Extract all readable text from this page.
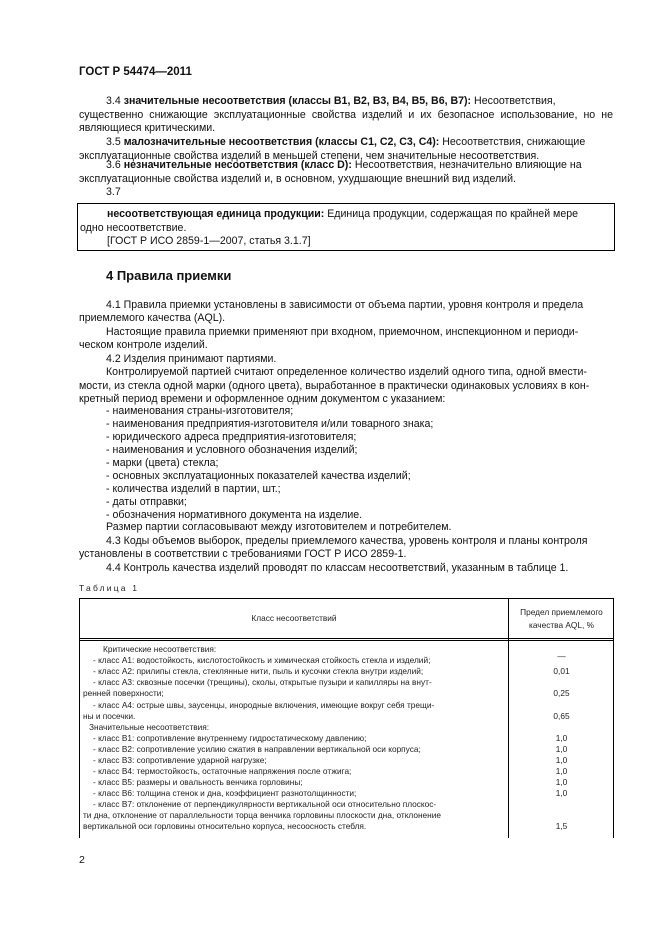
ГОСТ Р 54474—2011
3.4 значительные несоответствия (классы В1, В2, В3, В4, В5, В6, В7): Несоответствия,
существенно снижающие эксплуатационные свойства изделий и их безопасное использование, но не являющиеся критическими.
3.5 малозначительные несоответствия (классы С1, С2, С3, С4): Несоответствия, снижающие
эксплуатационные свойства изделий в меньшей степени, чем значительные несоответствия.
3.6 незначительные несоответствия (класс D): Несоответствия, незначительно влияющие на
эксплуатационные свойства изделий и, в основном, ухудшающие внешний вид изделий.
3.7
несоответствующая единица продукции: Единица продукции, содержащая по крайней мере
одно несоответствие.
[ГОСТ Р ИСО 2859-1—2007, статья 3.1.7]
4 Правила приемки
4.1 Правила приемки установлены в зависимости от объема партии, уровня контроля и предела
приемлемого качества (AQL).
Настоящие правила приемки применяют при входном, приемочном, инспекционном и периоди-
ческом контроле изделий.
4.2 Изделия принимают партиями.
Контролируемой партией считают определенное количество изделий одного типа, одной вмести-
мости, из стекла одной марки (одного цвета), выработанное в практически одинаковых условиях в кон-
кретный период времени и оформленное одним документом с указанием:
- наименования страны-изготовителя;
- наименования предприятия-изготовителя и/или товарного знака;
- юридического адреса предприятия-изготовителя;
- наименования и условного обозначения изделий;
- марки (цвета) стекла;
- основных эксплуатационных показателей качества изделий;
- количества изделий в партии, шт.;
- даты отправки;
- обозначения нормативного документа на изделие.
Размер партии согласовывают между изготовителем и потребителем.
4.3 Коды объемов выборок, пределы приемлемого качества, уровень контроля и планы контроля
установлены в соответствии с требованиями ГОСТ Р ИСО 2859-1.
4.4 Контроль качества изделий проводят по классам несоответствий, указанным в таблице 1.
Таблица 1
Класс несоответствий
Предел приемлемого
качества AQL, %
Критические несоответствия:
- класс А1: водостойкость, кислотостойкость и химическая стойкость стекла и изделий;	—
- класс А2: прилипы стекла, стеклянные нити, пыль и кусочки стекла внутри изделий;	0,01
- класс А3: сквозные посечки (трещины), сколы, открытые пузыри и капилляры на внут-
ренней поверхности;	0,25
- класс А4: острые швы, заусенцы, инородные включения, имеющие вокруг себя трещи-
ны и посечки.	0,65
Значительные несоответствия:
- класс В1: сопротивление внутреннему гидростатическому давлению;	1,0
- класс В2: сопротивление усилию сжатия в направлении вертикальной оси корпуса;	1,0
- класс В3: сопротивление ударной нагрузке;	1,0
- класс В4: термостойкость, остаточные напряжения после отжига;	1,0
- класс В5: размеры и овальность венчика горловины;	1,0
- класс В6: толщина стенок и дна, коэффициент разнотолщинности;	1,0
- класс В7: отклонение от перпендикулярности вертикальной оси относительно плоскос-
ти дна, отклонение от параллельности торца венчика горловины плоскости дна, отклонение
вертикальной оси горловины относительно корпуса, несоосность стебля.	1,5
2
